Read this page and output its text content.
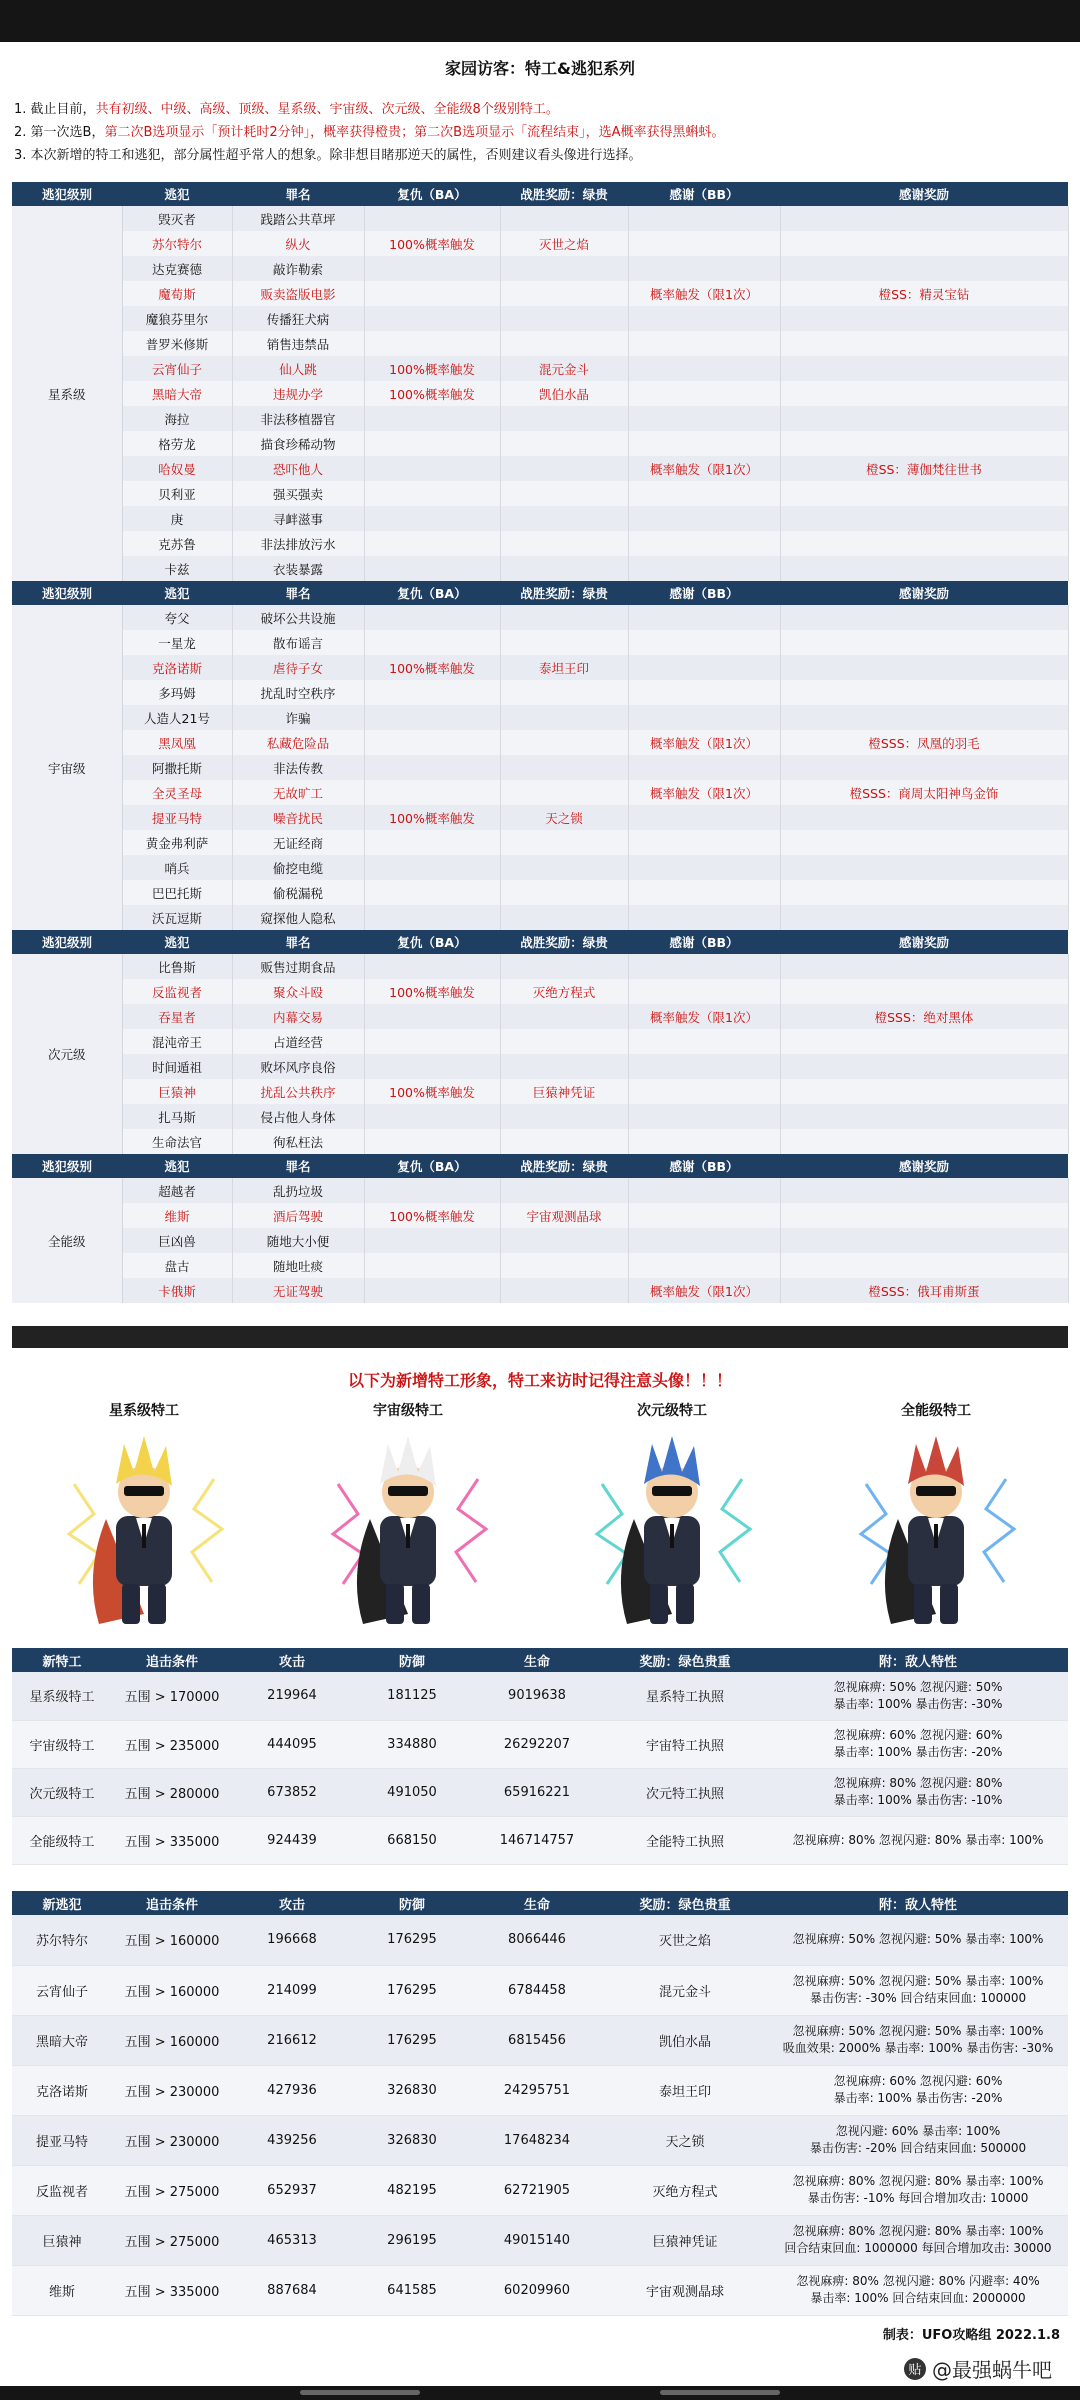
家园访客：特工&逃犯系列
1. 截止目前，共有初级、中级、高级、顶级、星系级、宇宙级、次元级、全能级8个级别特工。
2. 第一次选B，第二次B选项显示「预计耗时2分钟」，概率获得橙贵；第二次B选项显示「流程结束」，选A概率获得黑蝌蚪。
3. 本次新增的特工和逃犯，部分属性超乎常人的想象。除非想目睹那逆天的属性，否则建议看头像进行选择。
逃犯级别	逃犯	罪名	复仇（BA）	战胜奖励：绿贵	感谢（BB）	感谢奖励
星系级	毁灭者	践踏公共草坪				
	苏尔特尔	纵火	100%概率触发	灭世之焰		
	达克赛德	敲诈勒索				
	魔荀斯	贩卖盗版电影			概率触发（限1次）	橙SS：精灵宝钻
	魔狼芬里尔	传播狂犬病				
	普罗米修斯	销售违禁品				
	云宵仙子	仙人跳	100%概率触发	混元金斗		
	黑暗大帝	违规办学	100%概率触发	凯伯水晶		
	海拉	非法移植器官				
	格劳龙	描食珍稀动物				
	哈奴曼	恐吓他人			概率触发（限1次）	橙SS：薄伽梵往世书
	贝利亚	强买强卖				
	庚	寻衅滋事				
	克苏鲁	非法排放污水				
	卡兹	衣装暴露				
逃犯级别	逃犯	罪名	复仇（BA）	战胜奖励：绿贵	感谢（BB）	感谢奖励
宇宙级	夸父	破坏公共设施				
	一星龙	散布谣言				
	克洛诺斯	虐待子女	100%概率触发	泰坦王印		
	多玛姆	扰乱时空秩序				
	人造人21号	诈骗				
	黑凤凰	私藏危险品			概率触发（限1次）	橙SSS：凤凰的羽毛
	阿撒托斯	非法传教				
	全灵圣母	无故旷工			概率触发（限1次）	橙SSS：商周太阳神鸟金饰
	提亚马特	噪音扰民	100%概率触发	天之锁		
	黄金弗利萨	无证经商				
	哨兵	偷挖电缆				
	巴巴托斯	偷税漏税				
	沃瓦逗斯	窥探他人隐私				
逃犯级别	逃犯	罪名	复仇（BA）	战胜奖励：绿贵	感谢（BB）	感谢奖励
次元级	比鲁斯	贩售过期食品				
	反监视者	聚众斗殴	100%概率触发	灭绝方程式		
	吞星者	内幕交易			概率触发（限1次）	橙SSS：绝对黑体
	混沌帝王	占道经营				
	时间遁祖	败坏风序良俗				
	巨猿神	扰乱公共秩序	100%概率触发	巨猿神凭证		
	扎马斯	侵占他人身体				
	生命法官	徇私枉法				
逃犯级别	逃犯	罪名	复仇（BA）	战胜奖励：绿贵	感谢（BB）	感谢奖励
全能级	超越者	乱扔垃圾				
	维斯	酒后驾驶	100%概率触发	宇宙观测晶球		
	巨凶兽	随地大小便				
	盘古	随地吐痰				
	卡俄斯	无证驾驶			概率触发（限1次）	橙SSS：俄耳甫斯蛋
以下为新增特工形象，特工来访时记得注意头像！！！
星系级特工	宇宙级特工	次元级特工	全能级特工
新特工	追击条件	攻击	防御	生命	奖励：绿色贵重	附：敌人特性
星系级特工	五围 > 170000	219964	181125	9019638	星系特工执照	忽视麻痹: 50% 忽视闪避: 50%
暴击率: 100% 暴击伤害: -30%

宇宙级特工	五围 > 235000	444095	334880	26292207	宇宙特工执照	忽视麻痹: 60% 忽视闪避: 60%
暴击率: 100% 暴击伤害: -20%

次元级特工	五围 > 280000	673852	491050	65916221	次元特工执照	忽视麻痹: 80% 忽视闪避: 80%
暴击率: 100% 暴击伤害: -10%

全能级特工	五围 > 335000	924439	668150	146714757	全能特工执照	忽视麻痹: 80% 忽视闪避: 80% 暴击率: 100%
新逃犯	追击条件	攻击	防御	生命	奖励：绿色贵重	附：敌人特性
苏尔特尔	五围 > 160000	196668	176295	8066446	灭世之焰	忽视麻痹: 50% 忽视闪避: 50% 暴击率: 100%

云宵仙子	五围 > 160000	214099	176295	6784458	混元金斗	忽视麻痹: 50% 忽视闪避: 50% 暴击率: 100%
暴击伤害: -30% 回合结束回血: 100000

黑暗大帝	五围 > 160000	216612	176295	6815456	凯伯水晶	忽视麻痹: 50% 忽视闪避: 50% 暴击率: 100%
吸血效果: 2000% 暴击率: 100% 暴击伤害: -30%

克洛诺斯	五围 > 230000	427936	326830	24295751	泰坦王印	忽视麻痹: 60% 忽视闪避: 60%
暴击率: 100% 暴击伤害: -20%

提亚马特	五围 > 230000	439256	326830	17648234	天之锁	忽视闪避: 60% 暴击率: 100%
暴击伤害: -20% 回合结束回血: 500000

反监视者	五围 > 275000	652937	482195	62721905	灭绝方程式	忽视麻痹: 80% 忽视闪避: 80% 暴击率: 100%
暴击伤害: -10% 每回合增加攻击: 10000

巨猿神	五围 > 275000	465313	296195	49015140	巨猿神凭证	忽视麻痹: 80% 忽视闪避: 80% 暴击率: 100%
回合结束回血: 1000000 每回合增加攻击: 30000

维斯	五围 > 335000	887684	641585	60209960	宇宙观测晶球	忽视麻痹: 80% 忽视闪避: 80% 闪避率: 40%
暴击率: 100% 回合结束回血: 2000000
制表：UFO攻略组 2022.1.8
贴 @最强蜗牛吧
